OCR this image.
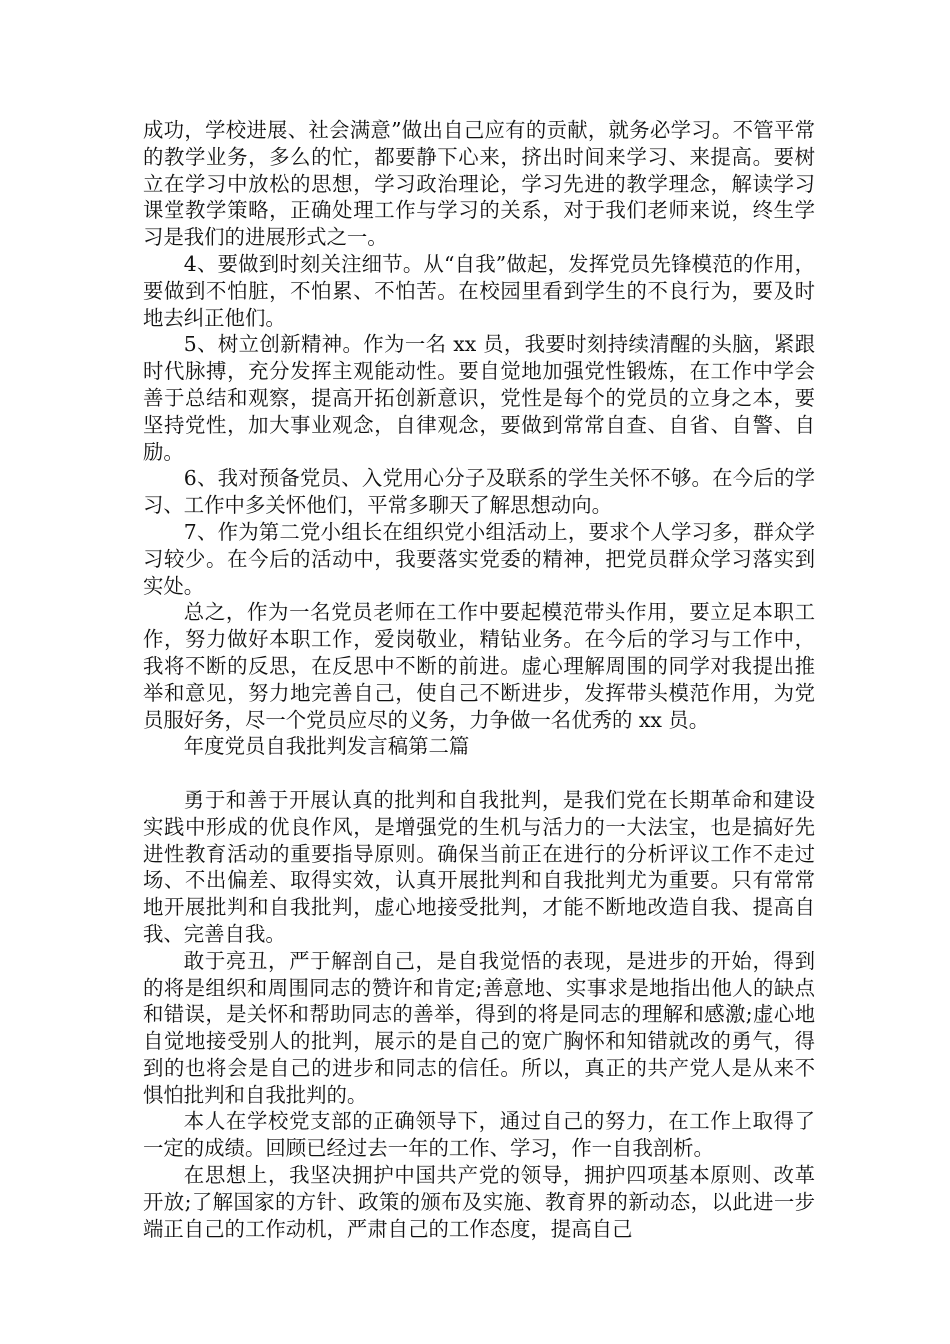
成功，学校进展、社会满意”做出自己应有的贡献，就务必学习。不管平常的教学业务，多么的忙，都要静下心来，挤出时间来学习、来提高。要树立在学习中放松的思想，学习政治理论，学习先进的教学理念，解读学习课堂教学策略，正确处理工作与学习的关系，对于我们老师来说，终生学习是我们的进展形式之一。

4、要做到时刻关注细节。从“自我”做起，发挥党员先锋模范的作用，要做到不怕脏，不怕累、不怕苦。在校园里看到学生的不良行为，要及时地去纠正他们。

5、树立创新精神。作为一名 xx 员，我要时刻持续清醒的头脑，紧跟时代脉搏，充分发挥主观能动性。要自觉地加强党性锻炼，在工作中学会善于总结和观察，提高开拓创新意识，党性是每个的党员的立身之本，要坚持党性，加大事业观念，自律观念，要做到常常自查、自省、自警、自励。

6、我对预备党员、入党用心分子及联系的学生关怀不够。在今后的学习、工作中多关怀他们，平常多聊天了解思想动向。

7、作为第二党小组长在组织党小组活动上，要求个人学习多，群众学习较少。在今后的活动中，我要落实党委的精神，把党员群众学习落实到实处。

总之，作为一名党员老师在工作中要起模范带头作用，要立足本职工作，努力做好本职工作，爱岗敬业，精钻业务。在今后的学习与工作中，我将不断的反思，在反思中不断的前进。虚心理解周围的同学对我提出推举和意见，努力地完善自己，使自己不断进步，发挥带头模范作用，为党员服好务，尽一个党员应尽的义务，力争做一名优秀的 xx 员。

年度党员自我批判发言稿第二篇

勇于和善于开展认真的批判和自我批判，是我们党在长期革命和建设实践中形成的优良作风，是增强党的生机与活力的一大法宝，也是搞好先进性教育活动的重要指导原则。确保当前正在进行的分析评议工作不走过场、不出偏差、取得实效，认真开展批判和自我批判尤为重要。只有常常地开展批判和自我批判，虚心地接受批判，才能不断地改造自我、提高自我、完善自我。

敢于亮丑，严于解剖自己，是自我觉悟的表现，是进步的开始，得到的将是组织和周围同志的赞许和肯定;善意地、实事求是地指出他人的缺点和错误，是关怀和帮助同志的善举，得到的将是同志的理解和感激;虚心地自觉地接受别人的批判，展示的是自己的宽广胸怀和知错就改的勇气，得到的也将会是自己的进步和同志的信任。所以，真正的共产党人是从来不惧怕批判和自我批判的。

本人在学校党支部的正确领导下，通过自己的努力，在工作上取得了一定的成绩。回顾已经过去一年的工作、学习，作一自我剖析。

在思想上，我坚决拥护中国共产党的领导，拥护四项基本原则、改革开放;了解国家的方针、政策的颁布及实施、教育界的新动态，以此进一步端正自己的工作动机，严肃自己的工作态度，提高自己
